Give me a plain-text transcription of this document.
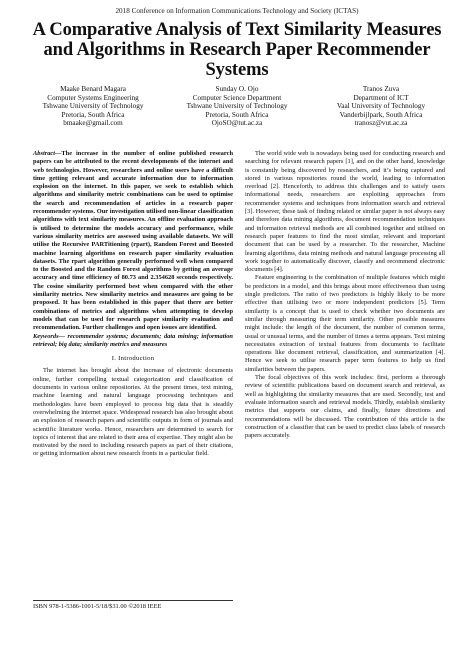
2018 Conference on Information Communications Technology and Society (ICTAS)
A Comparative Analysis of Text Similarity Measures and Algorithms in Research Paper Recommender Systems
Maake Benard Magara
Computer Systems Engineering
Tshwane University of Technology
Pretoria, South Africa
bmaake@gmail.com
Sunday O. Ojo
Computer Science Department
Tshwane University of Technology
Pretoria, South Africa
OjoSO@tut.ac.za
Tranos Zuva
Department of ICT
Vaal University of Technology
Vanderbijlpark, South Africa
tranosz@vut.ac.za

Abstract—The increase in the number of online published research papers can be attributed to the recent developments of the internet and web technologies. However, researchers and online users have a difficult time getting relevant and accurate information due to information explosion on the internet. In this paper, we seek to establish which algorithms and similarity metric combinations can be used to optimise the search and recommendation of articles in a research paper recommender systems. Our investigation utilised non-linear classification algorithms with text similarity measures. An offline evaluation approach is utilised to determine the models accuracy and performance, while various similarity metrics are assessed using available datasets. We will utilise the Recursive PARTitioning (rpart), Random Forest and Boosted machine learning algorithms on research paper similarity evaluation datasets. The rpart algorithm generally performed well when compared to the Boosted and the Random Forest algorithms by getting an average accuracy and time efficiency of 80.73 and 2.354628 seconds respectively. The cosine similarity performed best when compared with the other similarity metrics. New similarity metrics and measures are going to be proposed. It has been established in this paper that there are better combinations of metrics and algorithms when attempting to develop models that can be used for research paper similarity evaluation and recommendation. Further challenges and open issues are identified.

Keywords— recommender systems; documents; data mining; information retrieval; big data; similarity metrics and measures

I. Introduction

The internet has brought about the increase of electronic documents online, further compelling textual categorization and classification of documents in various online repositories. At the present times, text mining, machine learning and natural language processing techniques and methodologies have been employed to process big data that is steadily overwhelming the internet space. Widespread research has also brought about an explosion of research papers and scientific outputs in form of journals and scientific literature works. Hence, researchers are determined to search for topics of interest that are related to their area of expertise. They might also be motivated by the need to including research papers as part of their citations, or getting information about new research fronts in a particular field.

The world wide web is nowadays being used for conducting research and searching for relevant research papers [1], and on the other hand, knowledge is constantly being discovered by researchers, and it’s being captured and stored in various repositories round the world, leading to information overload [2]. Henceforth, to address this challenges and to satisfy users informational needs, researchers are exploiting approaches from recommender systems and techniques from information search and retrieval [3]. However, these task of finding related or similar paper is not always easy and therefore data mining algorithms, document recommendation techniques and information retrieval methods are all combined together and utilised on research paper features to find the most similar, relevant and important document that can be used by a researcher. To the researcher, Machine learning algorithms, data mining methods and natural language processing all work together to automatically discover, classify and recommend electronic documents [4].

Feature engineering is the combination of multiple features which might be predictors in a model, and this brings about more effectiveness than using single predictors. The ratio of two predictors is highly likely to be more effective than utilising two or more independent predictors [5]. Term similarity is a concept that is used to check whether two documents are similar through measuring their term similarity. Other possible measures might include: the length of the document, the number of common terms, usual or unusual terms, and the number of times a terms appears. Text mining necessitates extraction of textual features from documents to facilitate operations like document retrieval, classification, and summarization [4]. Hence we seek to utilise research paper term features to help us find similarities between the papers.

The focal objectives of this work includes: first, perform a thorough review of scientific publications based on document search and retrieval, as well as highlighting the similarity measures that are used. Secondly, test and evaluate information search and retrieval models. Thirdly, establish similarity metrics that supports our claims, and finally, future directions and recommendations will be discussed. The contribution of this article is the construction of a classifier that can be used to predict class labels of research papers accurately.

ISBN 978-1-5386-1001-5/18/$31.00 ©2018 IEEE
